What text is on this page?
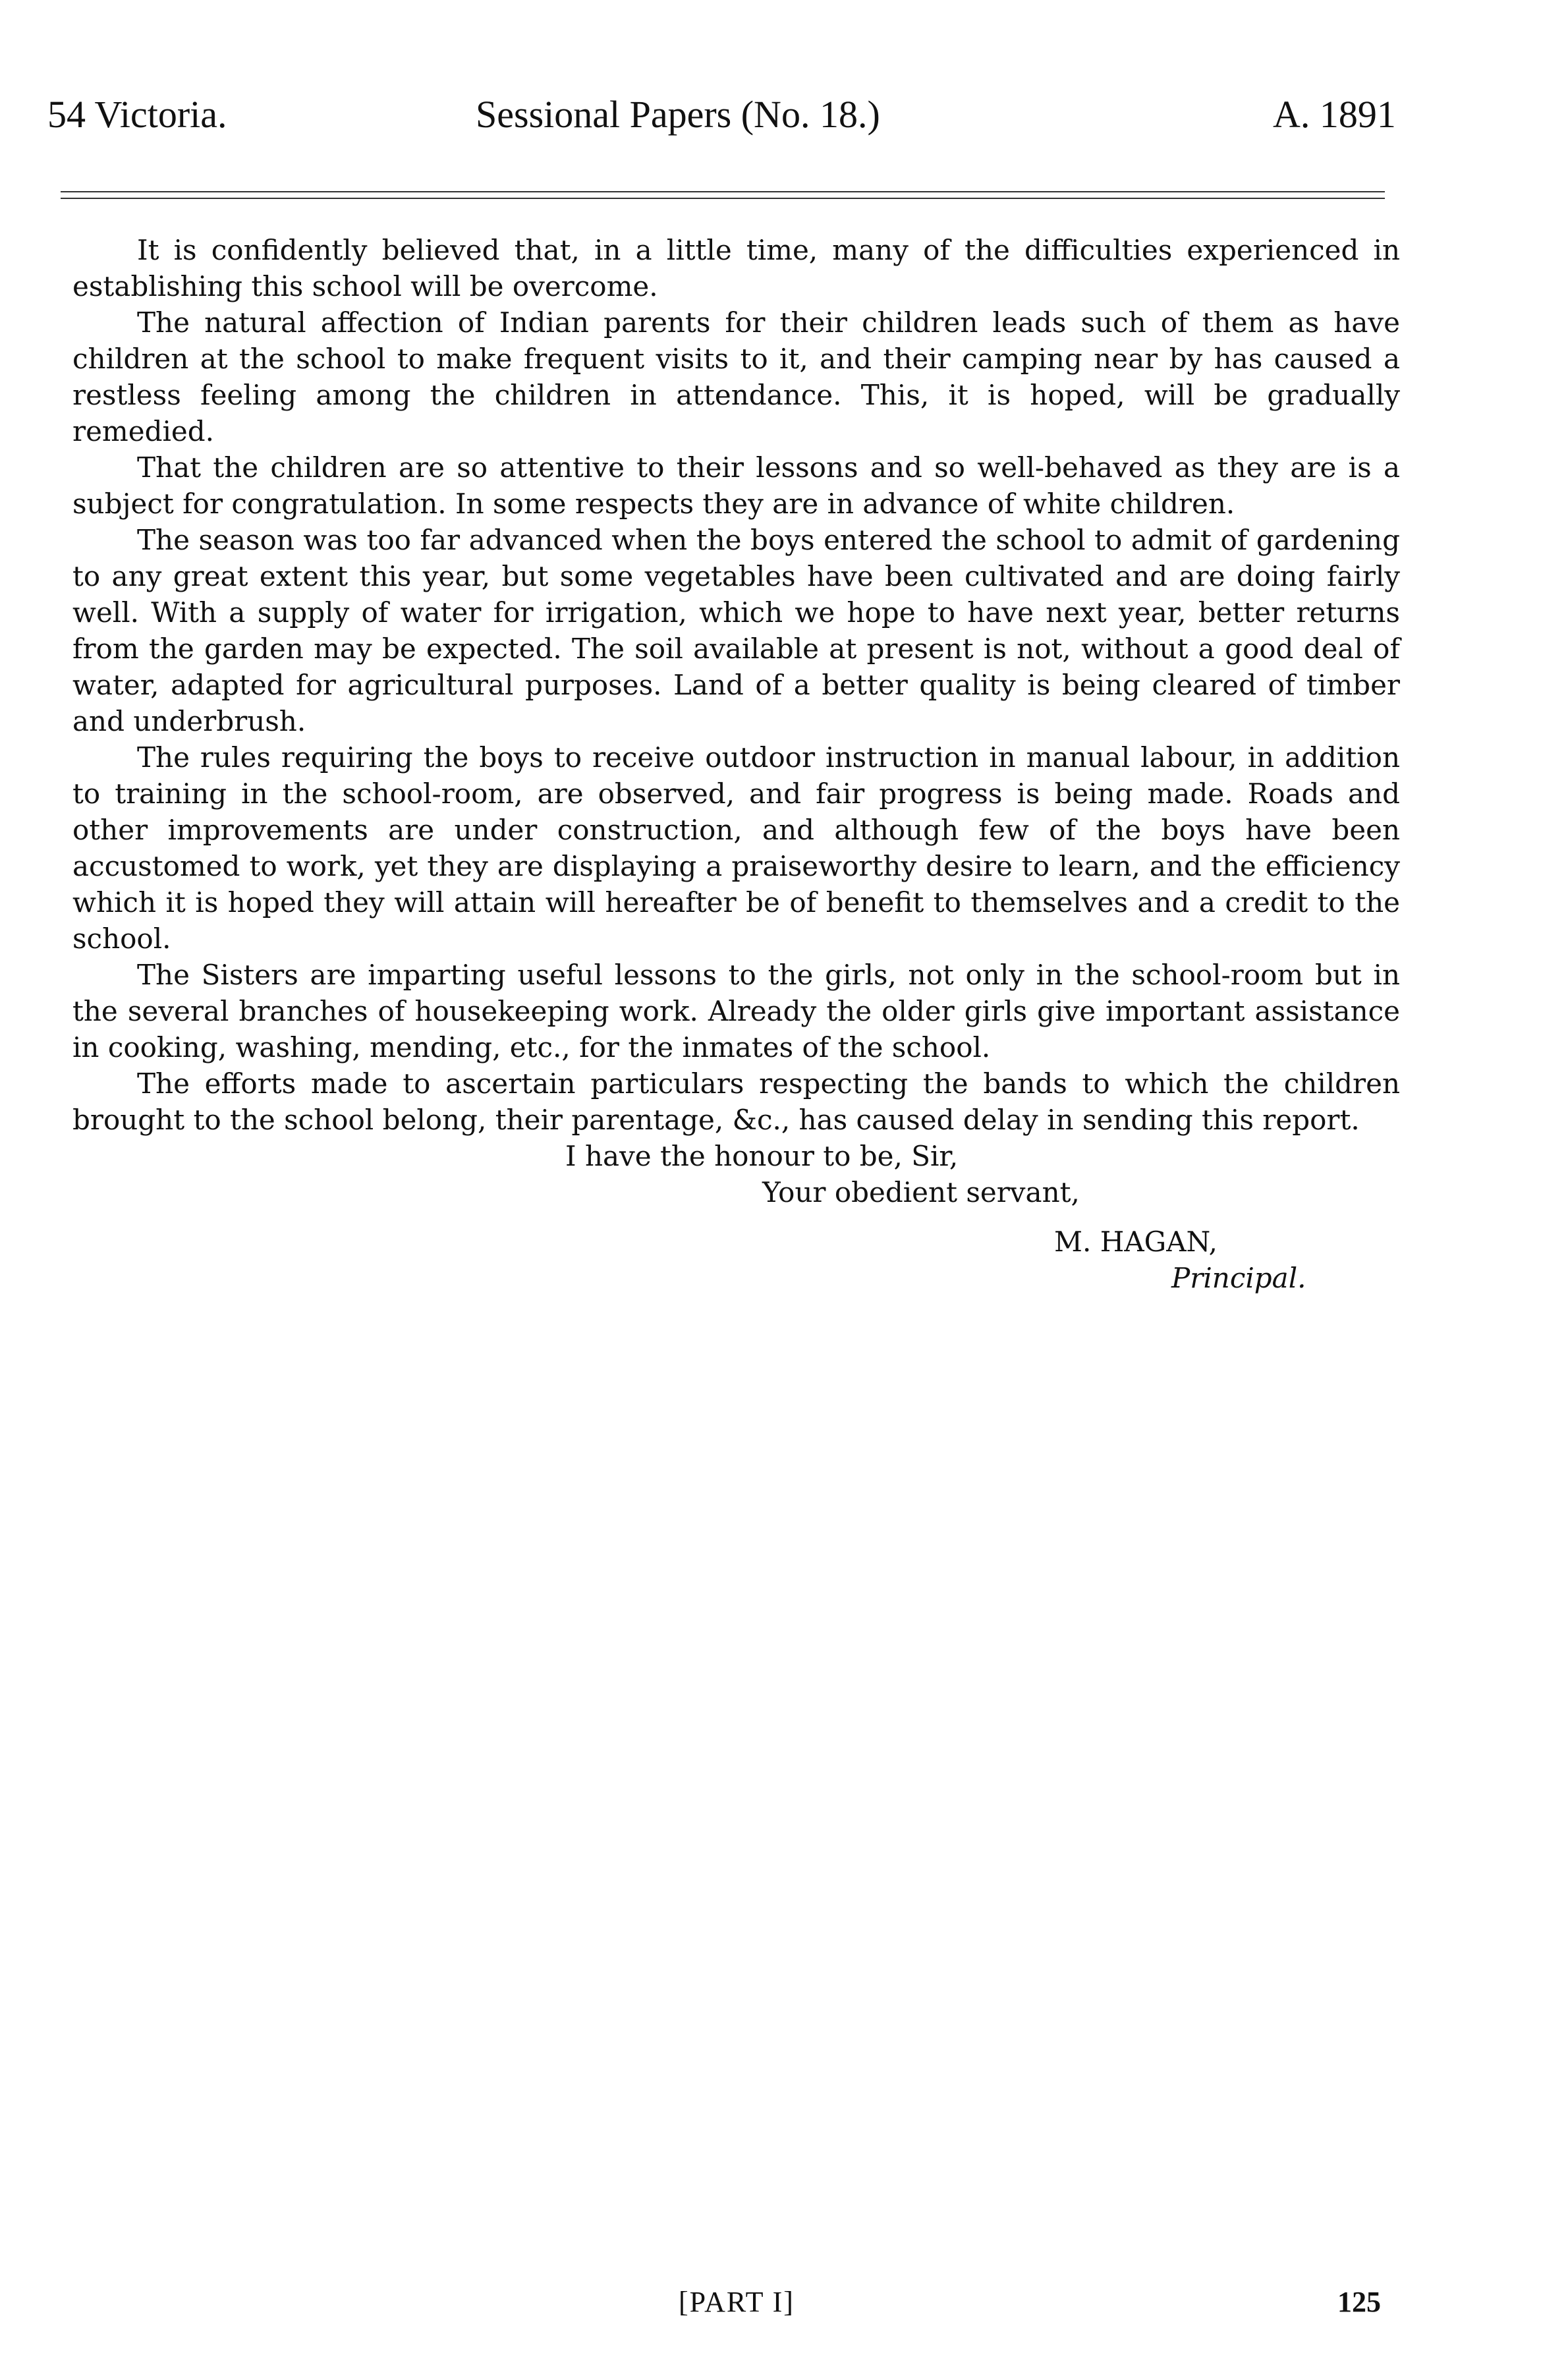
54 Victoria.	Sessional Papers (No. 18.)	A. 1891

It is confidently believed that, in a little time, many of the difficulties experienced in establishing this school will be overcome.

The natural affection of Indian parents for their children leads such of them as have children at the school to make frequent visits to it, and their camping near by has caused a restless feeling among the children in attendance. This, it is hoped, will be gradually remedied.

That the children are so attentive to their lessons and so well-behaved as they are is a subject for congratulation. In some respects they are in advance of white children.

The season was too far advanced when the boys entered the school to admit of gardening to any great extent this year, but some vegetables have been cultivated and are doing fairly well. With a supply of water for irrigation, which we hope to have next year, better returns from the garden may be expected. The soil available at present is not, without a good deal of water, adapted for agricultural purposes. Land of a better quality is being cleared of timber and underbrush.

The rules requiring the boys to receive outdoor instruction in manual labour, in addition to training in the school-room, are observed, and fair progress is being made. Roads and other improvements are under construction, and although few of the boys have been accustomed to work, yet they are displaying a praiseworthy desire to learn, and the efficiency which it is hoped they will attain will hereafter be of benefit to themselves and a credit to the school.

The Sisters are imparting useful lessons to the girls, not only in the school-room but in the several branches of housekeeping work. Already the older girls give important assistance in cooking, washing, mending, etc., for the inmates of the school.

The efforts made to ascertain particulars respecting the bands to which the children brought to the school belong, their parentage, &c., has caused delay in sending this report.

I have the honour to be, Sir,
Your obedient servant,
M. HAGAN,
Principal.
[PART I]	125
